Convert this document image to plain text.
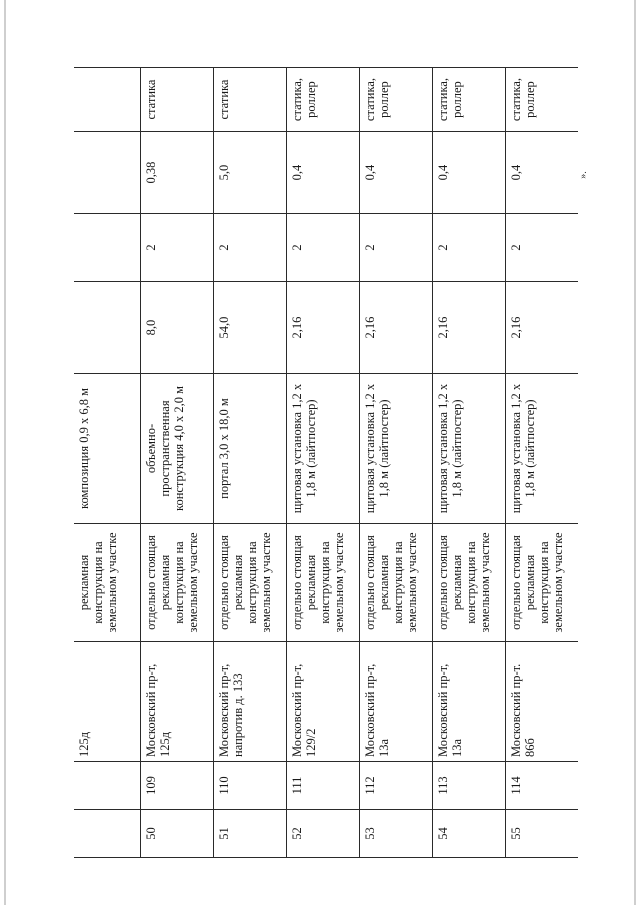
		125д	рекламная конструкция на земельном участке	композиция 0,9 х 6,8 м				
50	109	Московский пр-т, 125д	отдельно стоящая рекламная конструкция на земельном участке	объемно-пространственная конструкция 4,0 х 2,0 м	8,0	2	0,38	статика
51	110	Московский пр-т, напротив д. 133	отдельно стоящая рекламная конструкция на земельном участке	портал 3,0 х 18,0 м	54,0	2	5,0	статика
52	111	Московский пр-т, 129/2	отдельно стоящая рекламная конструкция на земельном участке	щитовая установка 1,2 х 1,8 м (лайтпостер)	2,16	2	0,4	статика, роллер
53	112	Московский пр-т, 13а	отдельно стоящая рекламная конструкция на земельном участке	щитовая установка 1,2 х 1,8 м (лайтпостер)	2,16	2	0,4	статика, роллер
54	113	Московский пр-т, 13а	отдельно стоящая рекламная конструкция на земельном участке	щитовая установка 1,2 х 1,8 м (лайтпостер)	2,16	2	0,4	статика, роллер
55	114	Московский пр-т. 86б	отдельно стоящая рекламная конструкция на земельном участке	щитовая установка 1,2 х 1,8 м (лайтпостер)	2,16	2	0,4	статика, роллер
».
